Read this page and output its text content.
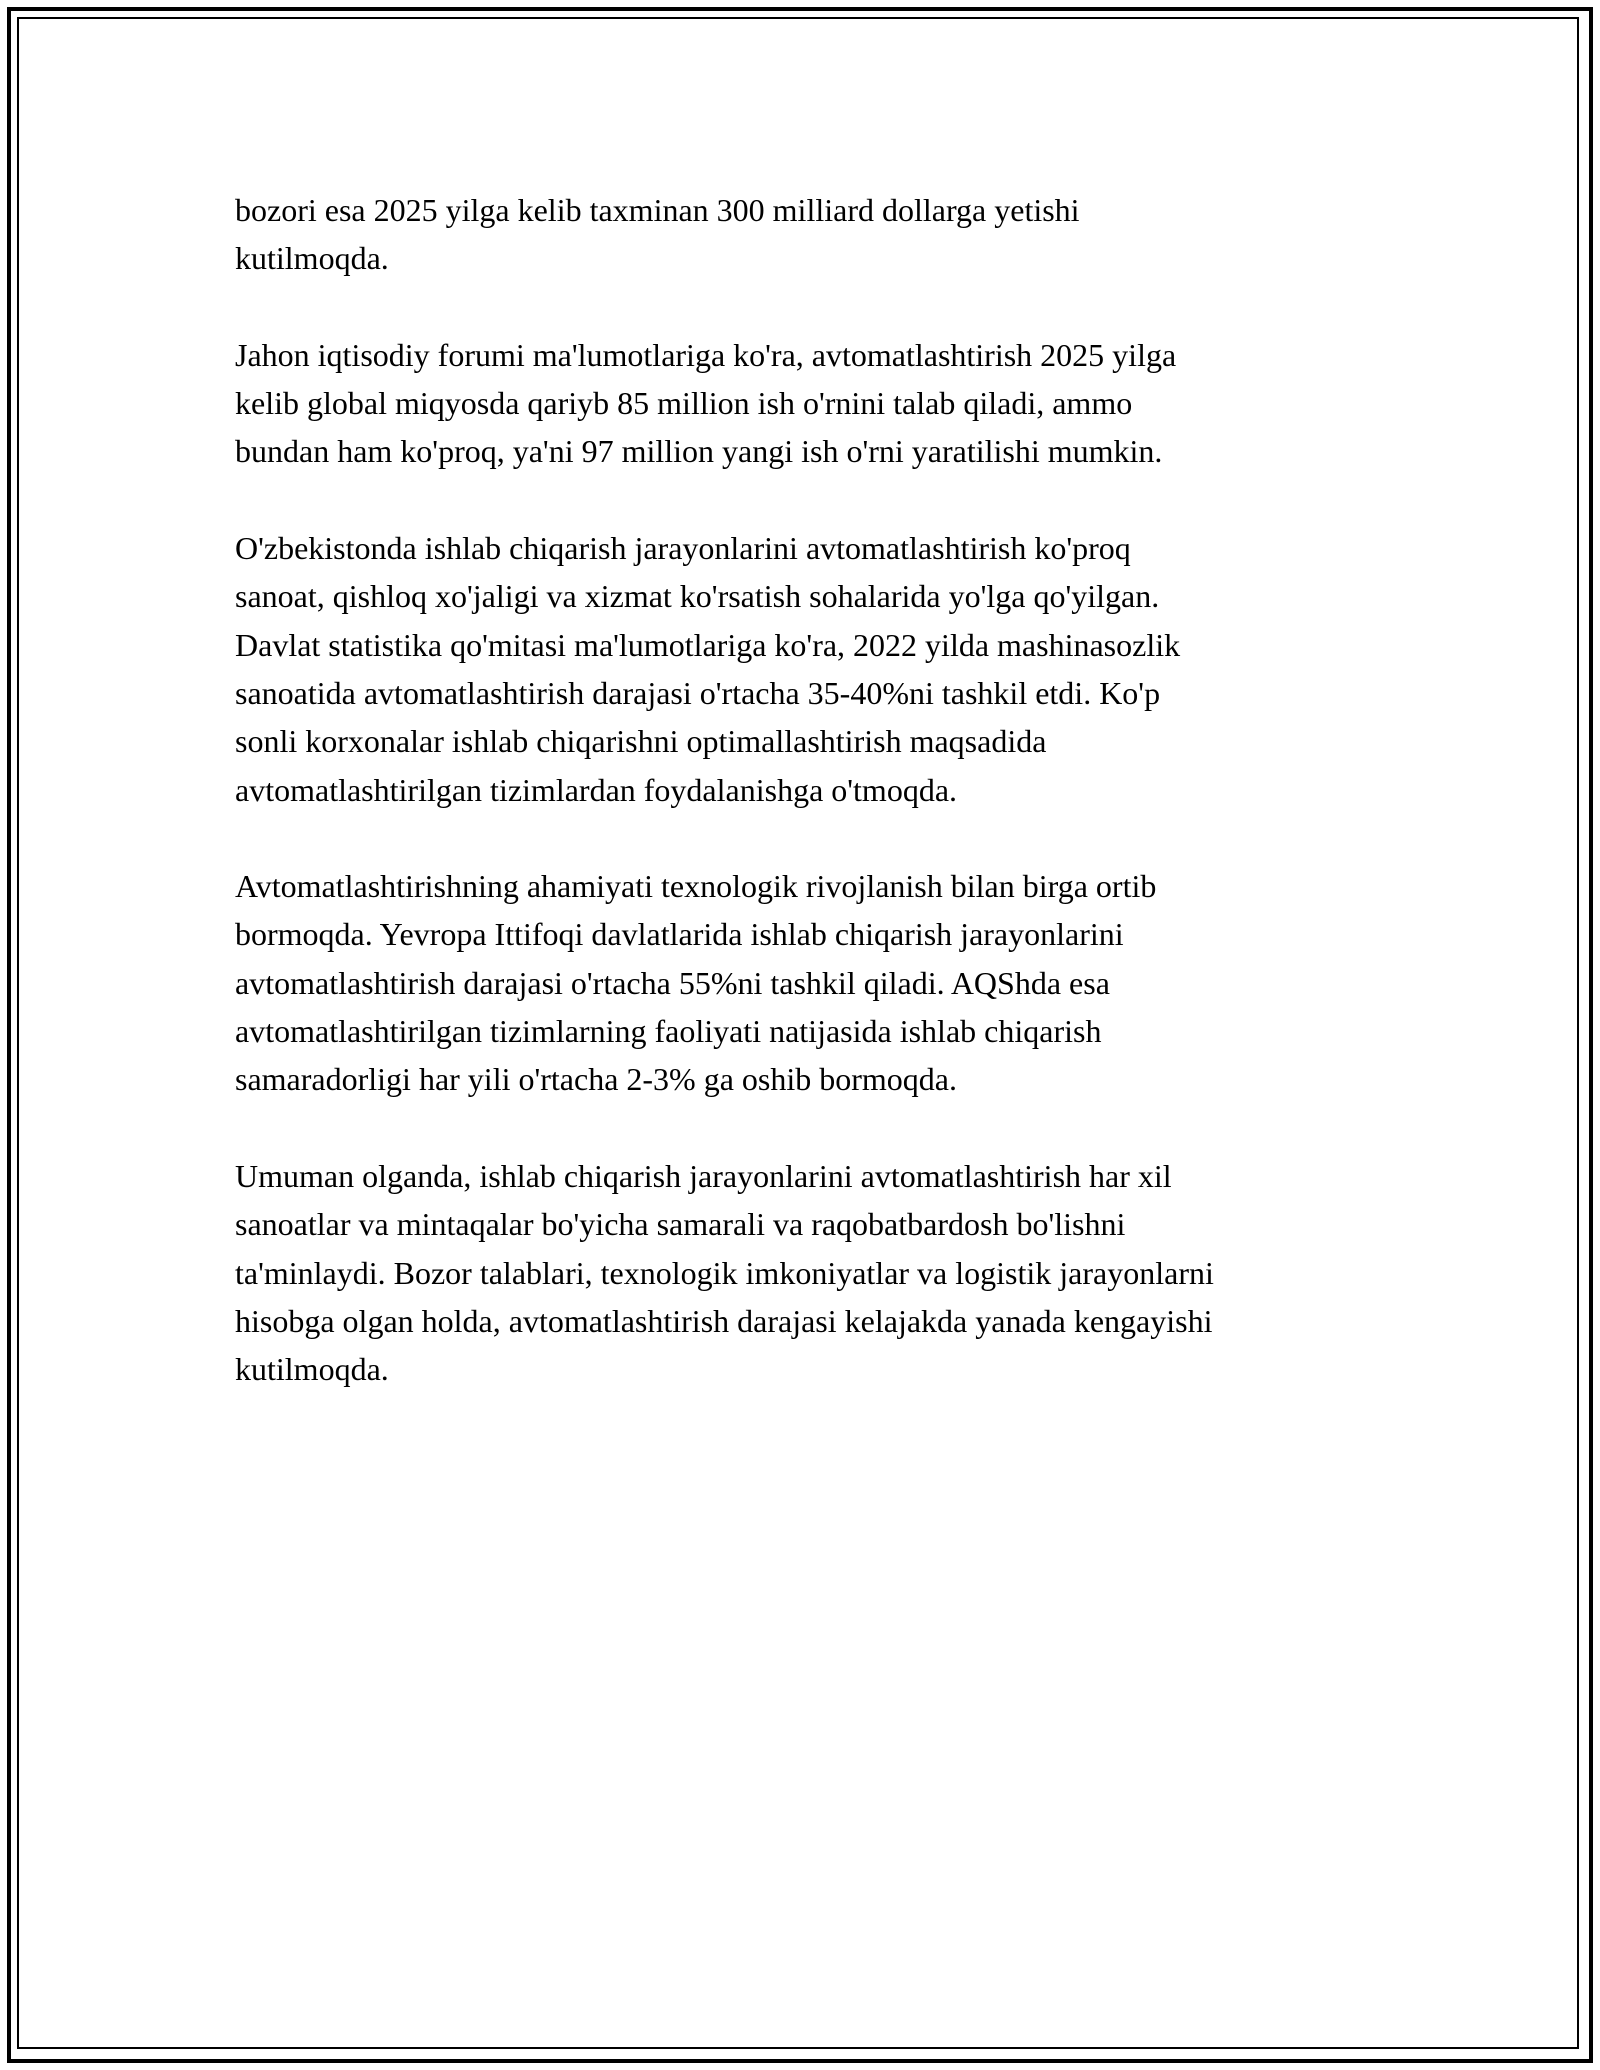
bozori esa 2025 yilga kelib taxminan 300 milliard dollarga yetishi
kutilmoqda.

Jahon iqtisodiy forumi ma'lumotlariga ko'ra, avtomatlashtirish 2025 yilga
kelib global miqyosda qariyb 85 million ish o'rnini talab qiladi, ammo
bundan ham ko'proq, ya'ni 97 million yangi ish o'rni yaratilishi mumkin.

O'zbekistonda ishlab chiqarish jarayonlarini avtomatlashtirish ko'proq
sanoat, qishloq xo'jaligi va xizmat ko'rsatish sohalarida yo'lga qo'yilgan.
Davlat statistika qo'mitasi ma'lumotlariga ko'ra, 2022 yilda mashinasozlik
sanoatida avtomatlashtirish darajasi o'rtacha 35-40%ni tashkil etdi. Ko'p
sonli korxonalar ishlab chiqarishni optimallashtirish maqsadida
avtomatlashtirilgan tizimlardan foydalanishga o'tmoqda.

Avtomatlashtirishning ahamiyati texnologik rivojlanish bilan birga ortib
bormoqda. Yevropa Ittifoqi davlatlarida ishlab chiqarish jarayonlarini
avtomatlashtirish darajasi o'rtacha 55%ni tashkil qiladi. AQShda esa
avtomatlashtirilgan tizimlarning faoliyati natijasida ishlab chiqarish
samaradorligi har yili o'rtacha 2-3% ga oshib bormoqda.

Umuman olganda, ishlab chiqarish jarayonlarini avtomatlashtirish har xil
sanoatlar va mintaqalar bo'yicha samarali va raqobatbardosh bo'lishni
ta'minlaydi. Bozor talablari, texnologik imkoniyatlar va logistik jarayonlarni
hisobga olgan holda, avtomatlashtirish darajasi kelajakda yanada kengayishi
kutilmoqda.
